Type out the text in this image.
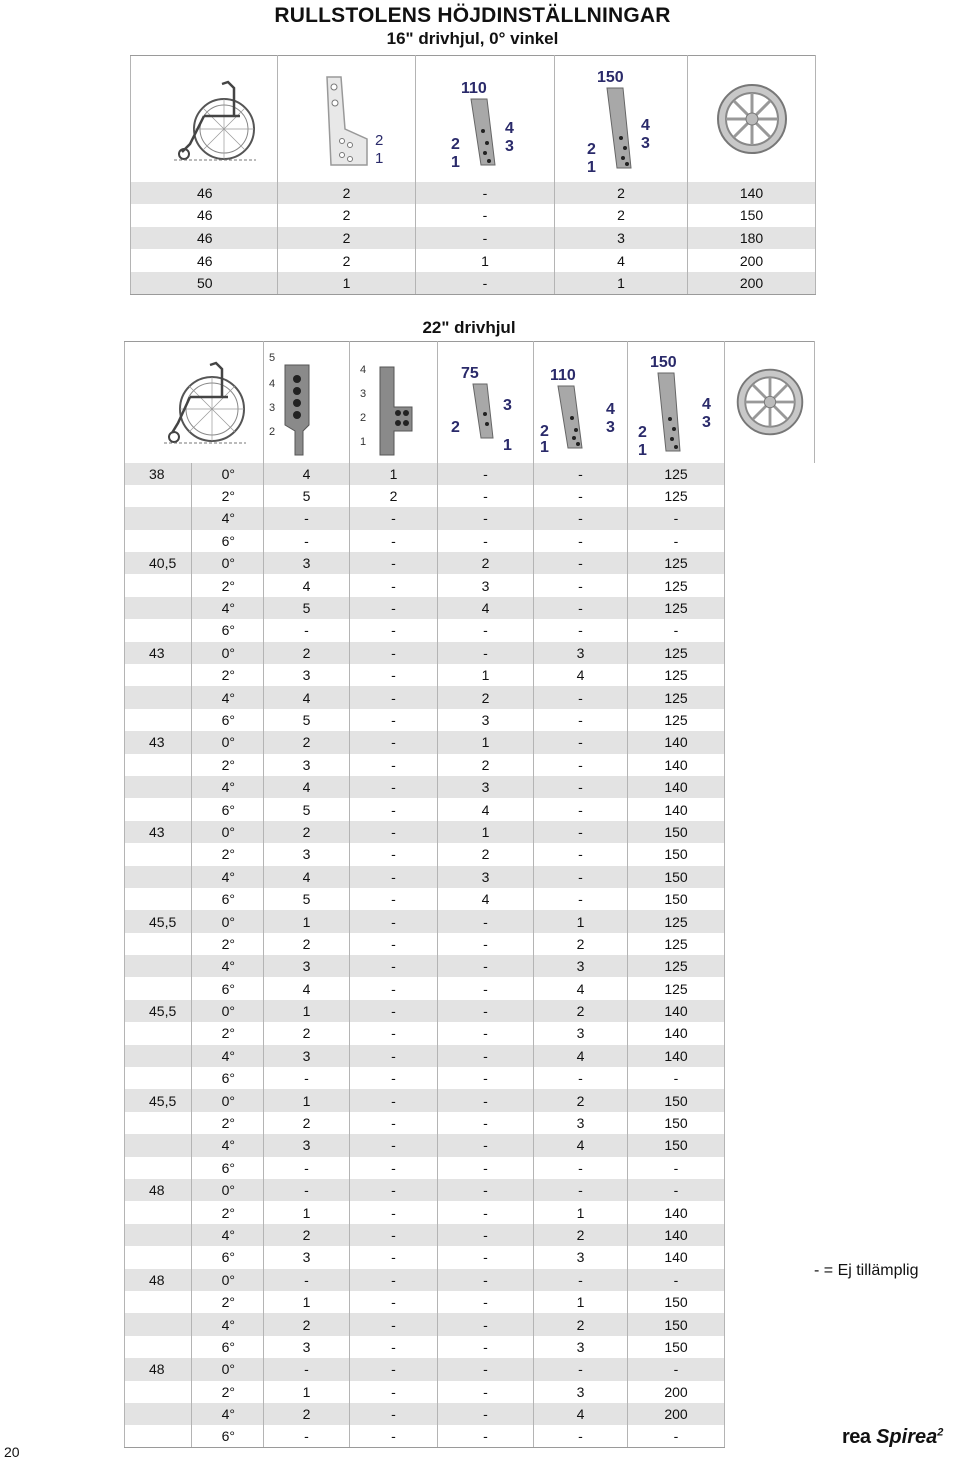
RULLSTOLENS HÖJDINSTÄLLNINGAR
16" drivhjul, 0° vinkel

2
1	110
4
3
2
1	150
4
3
2
1

46	2	-	2	140
46	2	-	2	150
46	2	-	3	180
46	2	1	4	200
50	1	-	1	200
22" drivhjul

5
4
3
2	4
3
2
1	75
3
2
1	110
4
3
2
1	150
4
3
2
1

38	0°	4	1	-	-	125	
	2°	5	2	-	-	125	
	4°	-	-	-	-	-	
	6°	-	-	-	-	-	
40,5	0°	3	-	2	-	125	
	2°	4	-	3	-	125	
	4°	5	-	4	-	125	
	6°	-	-	-	-	-	
43	0°	2	-	-	3	125	
	2°	3	-	1	4	125	
	4°	4	-	2	-	125	
	6°	5	-	3	-	125	
43	0°	2	-	1	-	140	
	2°	3	-	2	-	140	
	4°	4	-	3	-	140	
	6°	5	-	4	-	140	
43	0°	2	-	1	-	150	
	2°	3	-	2	-	150	
	4°	4	-	3	-	150	
	6°	5	-	4	-	150	
45,5	0°	1	-	-	1	125	
	2°	2	-	-	2	125	
	4°	3	-	-	3	125	
	6°	4	-	-	4	125	
45,5	0°	1	-	-	2	140	
	2°	2	-	-	3	140	
	4°	3	-	-	4	140	
	6°	-	-	-	-	-	
45,5	0°	1	-	-	2	150	
	2°	2	-	-	3	150	
	4°	3	-	-	4	150	
	6°	-	-	-	-	-	
48	0°	-	-	-	-	-	
	2°	1	-	-	1	140	
	4°	2	-	-	2	140	
	6°	3	-	-	3	140	
48	0°	-	-	-	-	-	
	2°	1	-	-	1	150	
	4°	2	-	-	2	150	
	6°	3	-	-	3	150	
48	0°	-	-	-	-	-	
	2°	1	-	-	3	200	
	4°	2	-	-	4	200	
	6°	-	-	-	-	-	
- = Ej tillämplig
20
rea Spirea$^2$
